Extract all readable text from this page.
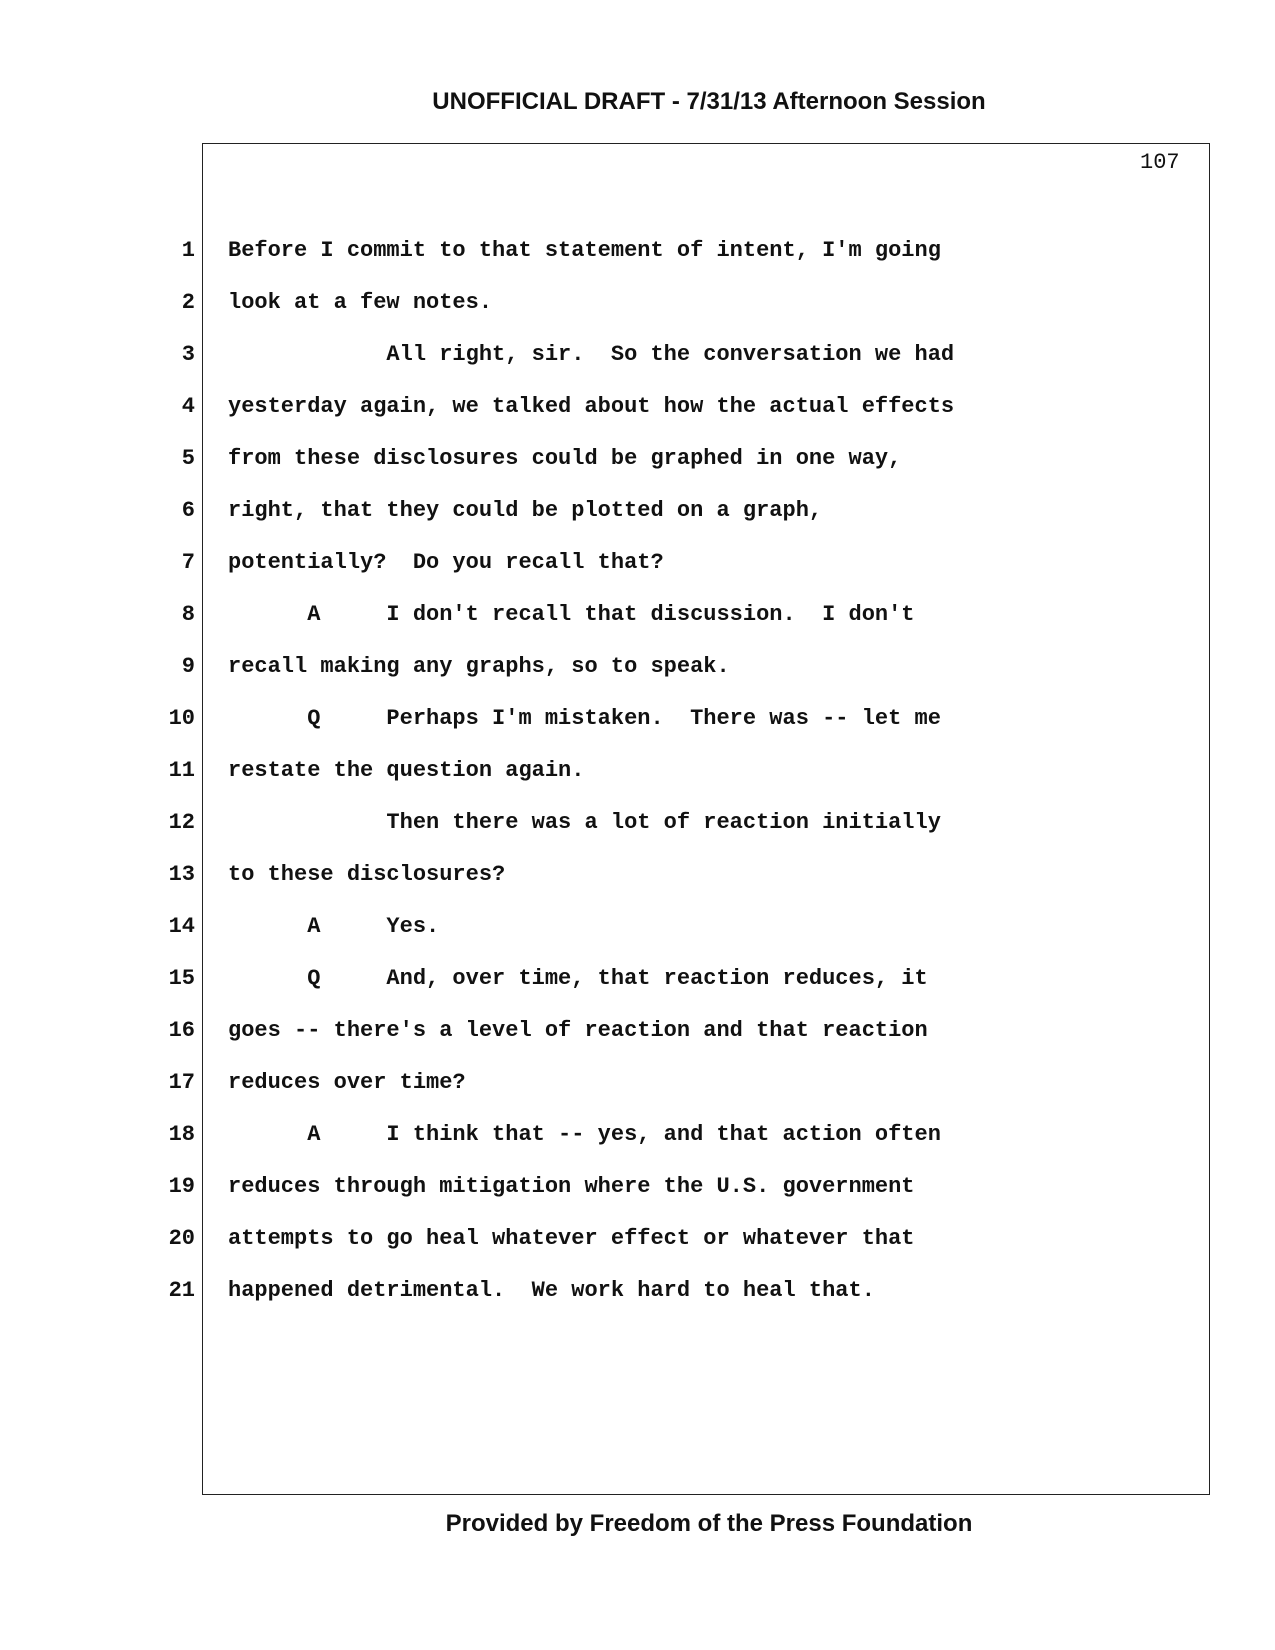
UNOFFICIAL DRAFT - 7/31/13 Afternoon Session
107
1 Before I commit to that statement of intent, I'm going
2 look at a few notes.
3 All right, sir.  So the conversation we had
4 yesterday again, we talked about how the actual effects
5 from these disclosures could be graphed in one way,
6 right, that they could be plotted on a graph,
7 potentially?  Do you recall that?
8 A     I don't recall that discussion.  I don't
9 recall making any graphs, so to speak.
10 Q     Perhaps I'm mistaken.  There was -- let me
11 restate the question again.
12 Then there was a lot of reaction initially
13 to these disclosures?
14 A     Yes.
15 Q     And, over time, that reaction reduces, it
16 goes -- there's a level of reaction and that reaction
17 reduces over time?
18 A     I think that -- yes, and that action often
19 reduces through mitigation where the U.S. government
20 attempts to go heal whatever effect or whatever that
21 happened detrimental.  We work hard to heal that.
Provided by Freedom of the Press Foundation
